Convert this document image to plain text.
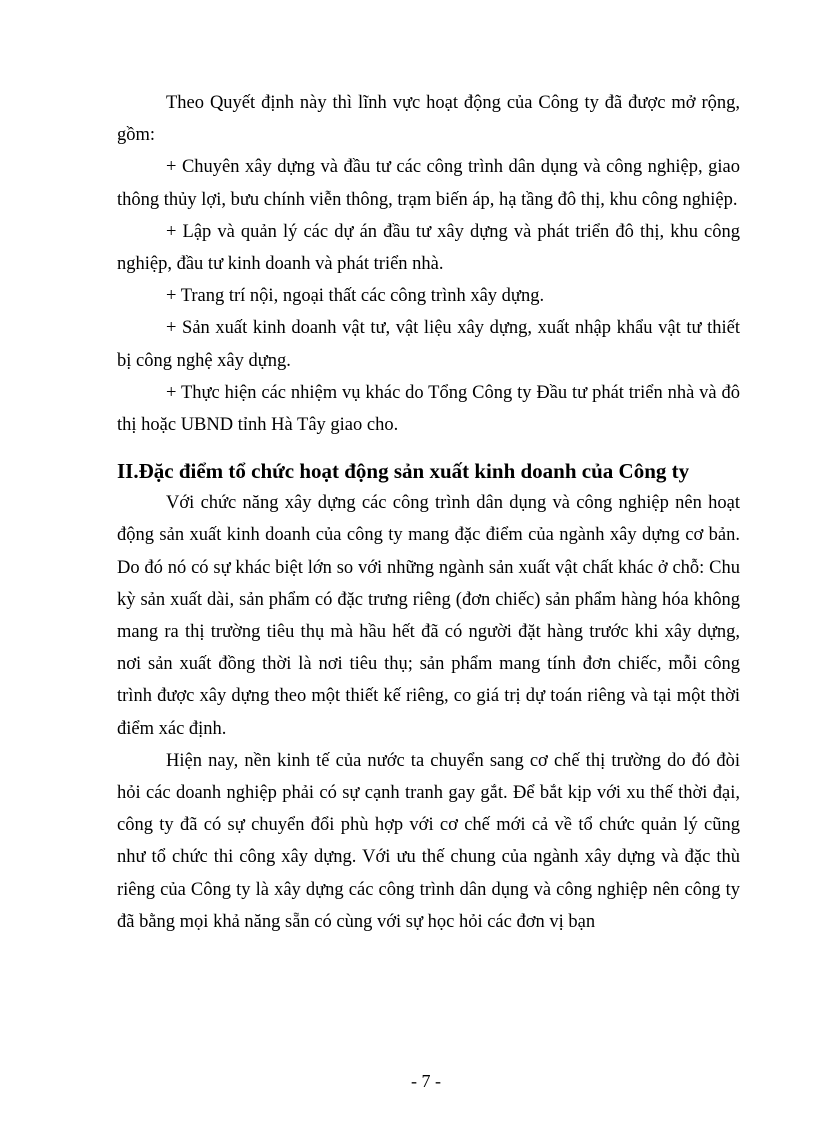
Theo Quyết định này thì lĩnh vực hoạt động của Công ty đã được mở rộng, gồm:

+ Chuyên xây dựng và đầu tư các công trình dân dụng và công nghiệp, giao thông thủy lợi, bưu chính viễn thông, trạm biến áp, hạ tầng đô thị, khu công nghiệp.

+ Lập và quản lý các dự án đầu tư xây dựng và phát triển đô thị, khu công nghiệp, đầu tư kinh doanh và phát triển nhà.

+ Trang trí nội, ngoại thất các công trình xây dựng.

+ Sản xuất kinh doanh vật tư, vật liệu xây dựng, xuất nhập khẩu vật tư thiết bị công nghệ xây dựng.

+ Thực hiện các nhiệm vụ khác do Tổng Công ty Đầu tư phát triển nhà và đô thị hoặc UBND tỉnh Hà Tây giao cho.

II.Đặc điểm tổ chức hoạt động sản xuất kinh doanh của Công ty

Với chức năng xây dựng các công trình dân dụng và công nghiệp nên hoạt động sản xuất kinh doanh của công ty mang đặc điểm của ngành xây dựng cơ bản. Do đó nó có sự khác biệt lớn so với những ngành sản xuất vật chất khác ở chỗ: Chu kỳ sản xuất dài, sản phẩm có đặc trưng riêng (đơn chiếc) sản phẩm hàng hóa không mang ra thị trường tiêu thụ mà hầu hết đã có người đặt hàng trước khi xây dựng, nơi sản xuất đồng thời là nơi tiêu thụ; sản phẩm mang tính đơn chiếc, mỗi công trình được xây dựng theo một thiết kế riêng, co giá trị dự toán riêng và tại một thời điểm xác định.

Hiện nay, nền kinh tế của nước ta chuyển sang cơ chế thị trường do đó đòi hỏi các doanh nghiệp phải có sự cạnh tranh gay gắt. Để bắt kịp với xu thế thời đại, công ty đã có sự chuyển đổi phù hợp với cơ chế mới cả về tổ chức quản lý cũng như tổ chức thi công xây dựng. Với ưu thế chung của ngành xây dựng và đặc thù riêng của Công ty là xây dựng các công trình dân dụng và công nghiệp nên công ty đã bằng mọi khả năng sẵn có cùng với sự học hỏi các đơn vị bạn

- 7 -
